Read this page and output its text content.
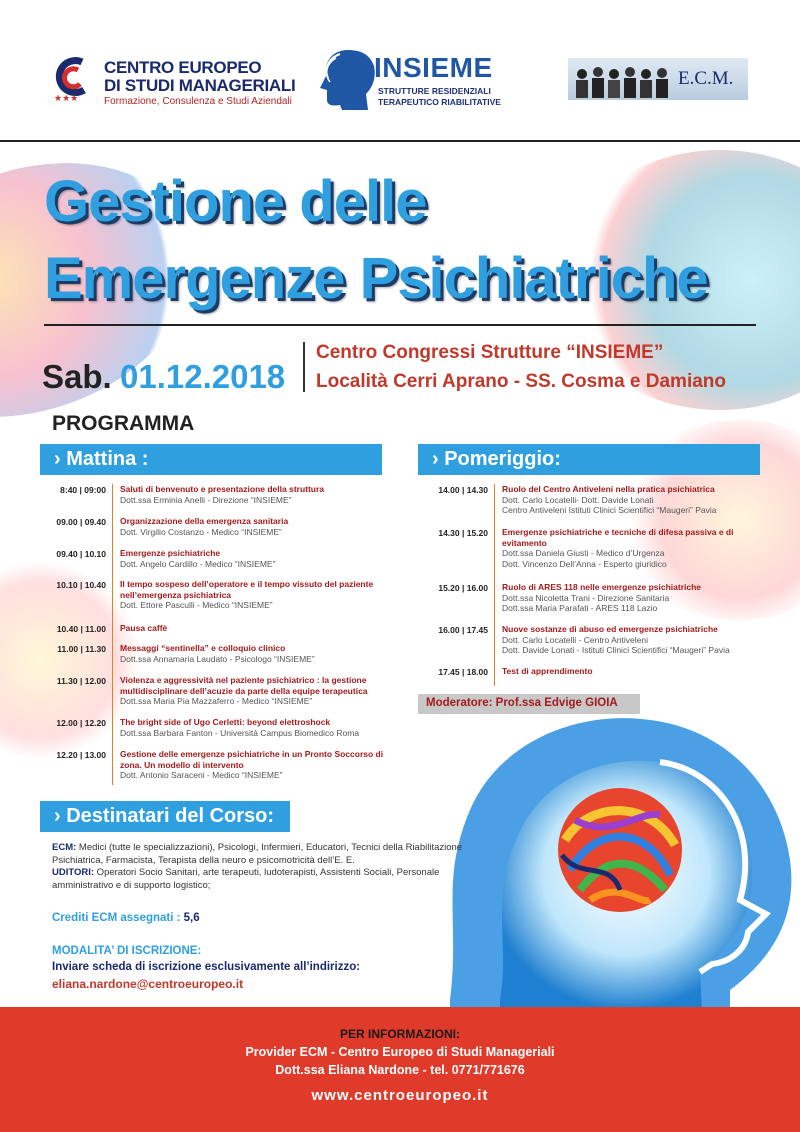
★★★
CENTRO EUROPEO
DI STUDI MANAGERIALI
Formazione, Consulenza e Studi Aziendali
INSIEME
STRUTTURE RESIDENZIALI
TERAPEUTICO RIABILITATIVE
E.C.M.
Gestione delle
Emergenze Psichiatriche
Sab. 01.12.2018
Centro Congressi Strutture “INSIEME”
Località Cerri Aprano - SS. Cosma e Damiano
PROGRAMMA
› Mattina :	› Pomeriggio:
8:40 | 09:00	Saluti di benvenuto e presentazione della struttura
Dott.ssa Erminia Anelli - Direzione “INSIEME”
09.00 | 09.40	Organizzazione della emergenza sanitaria
Dott. Virgilio Costanzo - Medico “INSIEME”
09.40 | 10.10	Emergenze psichiatriche
Dott. Angelo Cardillo - Medico “INSIEME”
10.10 | 10.40	Il tempo sospeso dell’operatore e il tempo vissuto del paziente nell’emergenza psichiatrica
Dott. Ettore Pasculli - Medico “INSIEME”
10.40 | 11.00	Pausa caffè
11.00 | 11.30	Messaggi “sentinella” e colloquio clinico
Dott.ssa Annamaria Laudato - Psicologo “INSIEME”
11.30 | 12.00	Violenza e aggressività nel paziente psichiatrico : la gestione multidisciplinare dell’acuzie da parte della equipe terapeutica
Dott.ssa Maria Pia Mazzaferro - Medico “INSIEME”
12.00 | 12.20	The bright side of Ugo Cerletti: beyond elettroshock
Dott.ssa Barbara Fanton - Università Campus Biomedico Roma
12.20 | 13.00	Gestione delle emergenze psichiatriche in un Pronto Soccorso di zona. Un modello di intervento
Dott. Antonio Saraceni - Medico “INSIEME”
14.00 | 14.30	Ruolo del Centro Antiveleni nella pratica psichiatrica
Dott. Carlo Locatelli- Dott. Davide Lonati
Centro Antiveleni Istituti Clinici Scientifici “Maugeri” Pavia
14.30 | 15.20	Emergenze psichiatriche e tecniche di difesa passiva e di evitamento
Dott.ssa Daniela Giusti - Medico d’Urgenza
Dott. Vincenzo Dell’Anna - Esperto giuridico
15.20 | 16.00	Ruolo di ARES 118 nelle emergenze psichiatriche
Dott.ssa Nicoletta Trani - Direzione Sanitaria
Dott.ssa Maria Parafati - ARES 118 Lazio
16.00 | 17.45	Nuove sostanze di abuso ed emergenze psichiatriche
Dott. Carlo Locatelli - Centro Antiveleni
Dott. Davide Lonati - Istituti Clinici Scientifici “Maugeri” Pavia
17.45 | 18.00	Test di apprendimento
Moderatore: Prof.ssa Edvige GIOIA
› Destinatari del Corso:

ECM: Medici (tutte le specializzazioni), Psicologi, Infermieri, Educatori, Tecnici della Riabilitazione Psichiatrica, Farmacista, Terapista della neuro e psicomotricità dell’E. E.

UDITORI: Operatori Socio Sanitari, arte terapeuti, ludoterapisti, Assistenti Sociali, Personale amministrativo e di supporto logistico;

Crediti ECM assegnati : 5,6
MODALITA’ DI ISCRIZIONE:
Inviare scheda di iscrizione esclusivamente all’indirizzo:
eliana.nardone@centroeuropeo.it
PER INFORMAZIONI:
Provider ECM - Centro Europeo di Studi Manageriali
Dott.ssa Eliana Nardone - tel. 0771/771676
www.centroeuropeo.it
